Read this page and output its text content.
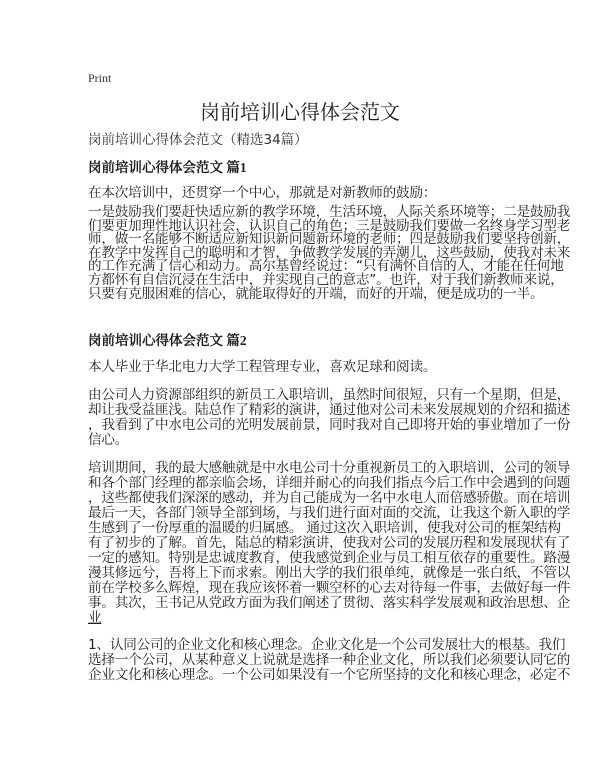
Print
岗前培训心得体会范文
岗前培训心得体会范文（精选34篇）
岗前培训心得体会范文 篇1
在本次培训中，还贯穿一个中心，那就是对新教师的鼓励：
一是鼓励我们要赶快适应新的教学环境，生活环境，人际关系环境等；二是鼓励我
们要更加理性地认识社会，认识自己的角色；三是鼓励我们要做一名终身学习型老
师，做一名能够不断适应新知识新问题新环境的老师；四是鼓励我们要坚持创新，
在教学中发挥自己的聪明和才智，争做教学发展的弄潮儿，这些鼓励，使我对未来
的工作充满了信心和动力。高尔基曾经说过：“只有满怀自信的人，才能在任何地
方都怀有自信沉浸在生活中，并实现自己的意志”。也许，对于我们新教师来说，
只要有克服困难的信心，就能取得好的开端，而好的开端，便是成功的一半。
岗前培训心得体会范文 篇2
本人毕业于华北电力大学工程管理专业，喜欢足球和阅读。
由公司人力资源部组织的新员工入职培训，虽然时间很短，只有一个星期，但是，
却让我受益匪浅。陆总作了精彩的演讲，通过他对公司未来发展规划的介绍和描述
，我看到了中水电公司的光明发展前景，同时我对自己即将开始的事业增加了一份
信心。
培训期间，我的最大感触就是中水电公司十分重视新员工的入职培训，公司的领导
和各个部门经理的都亲临会场，详细并耐心的向我们指点今后工作中会遇到的问题
，这些都使我们深深的感动，并为自己能成为一名中水电人而倍感骄傲。而在培训
最后一天，各部门领导全部到场，与我们进行面对面的交流，让我这个新入职的学
生感到了一份厚重的温暖的归属感。 通过这次入职培训，使我对公司的框架结构
有了初步的了解。首先，陆总的精彩演讲，使我对公司的发展历程和发展现状有了
一定的感知。特别是忠诚度教育，使我感觉到企业与员工相互依存的重要性。路漫
漫其修远兮，吾将上下而求索。刚出大学的我们很单纯，就像是一张白纸，不管以
前在学校多么辉煌，现在我应该怀着一颗空杯的心去对待每一件事，去做好每一件
事。其次，王书记从党政方面为我们阐述了贯彻、落实科学发展观和政治思想、企
业
1、认同公司的企业文化和核心理念。企业文化是一个公司发展壮大的根基。我们
选择一个公司，从某种意义上说就是选择一种企业文化，所以我们必须要认同它的
企业文化和核心理念。一个公司如果没有一个它所坚持的文化和核心理念，必定不
